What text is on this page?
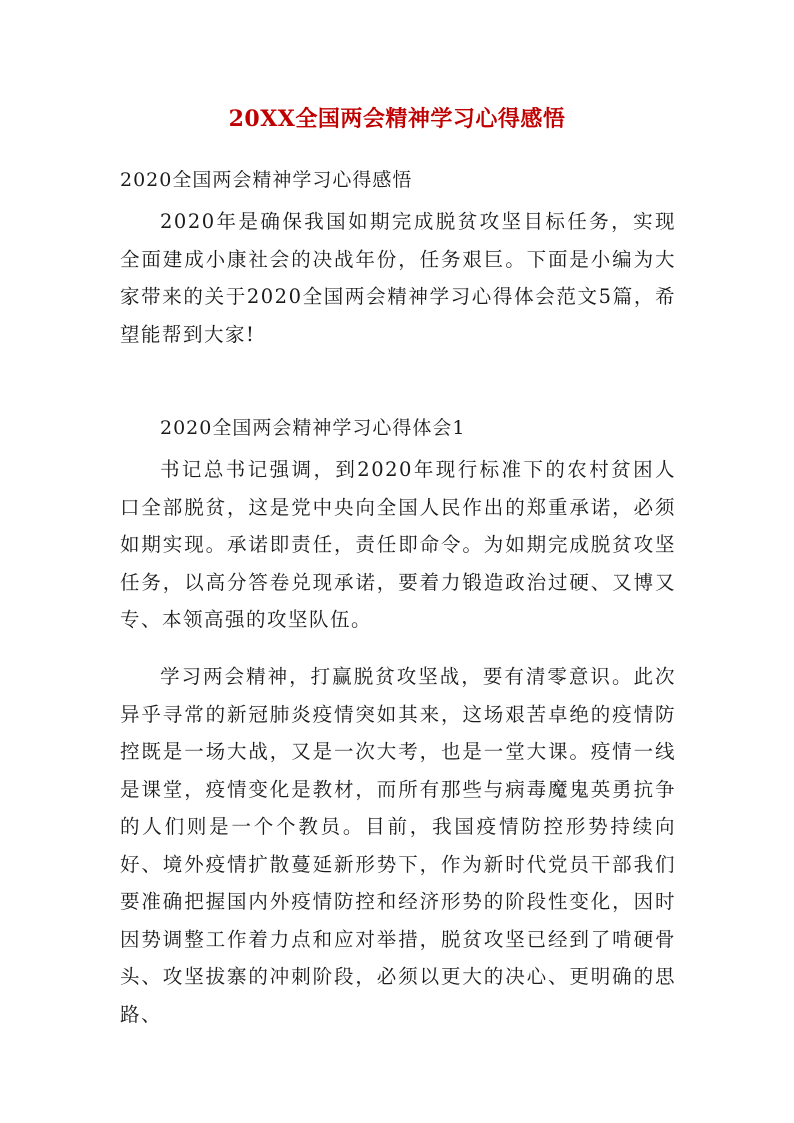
20XX全国两会精神学习心得感悟
2020全国两会精神学习心得感悟
2020年是确保我国如期完成脱贫攻坚目标任务，实现全面建成小康社会的决战年份，任务艰巨。下面是小编为大家带来的关于2020全国两会精神学习心得体会范文5篇，希望能帮到大家!
2020全国两会精神学习心得体会1
书记总书记强调，到2020年现行标准下的农村贫困人口全部脱贫，这是党中央向全国人民作出的郑重承诺，必须如期实现。承诺即责任，责任即命令。为如期完成脱贫攻坚任务，以高分答卷兑现承诺，要着力锻造政治过硬、又博又专、本领高强的攻坚队伍。
学习两会精神，打赢脱贫攻坚战，要有清零意识。此次异乎寻常的新冠肺炎疫情突如其来，这场艰苦卓绝的疫情防控既是一场大战，又是一次大考，也是一堂大课。疫情一线是课堂，疫情变化是教材，而所有那些与病毒魔鬼英勇抗争的人们则是一个个教员。目前，我国疫情防控形势持续向好、境外疫情扩散蔓延新形势下，作为新时代党员干部我们要准确把握国内外疫情防控和经济形势的阶段性变化，因时因势调整工作着力点和应对举措，脱贫攻坚已经到了啃硬骨头、攻坚拔寨的冲刺阶段，必须以更大的决心、更明确的思路、
